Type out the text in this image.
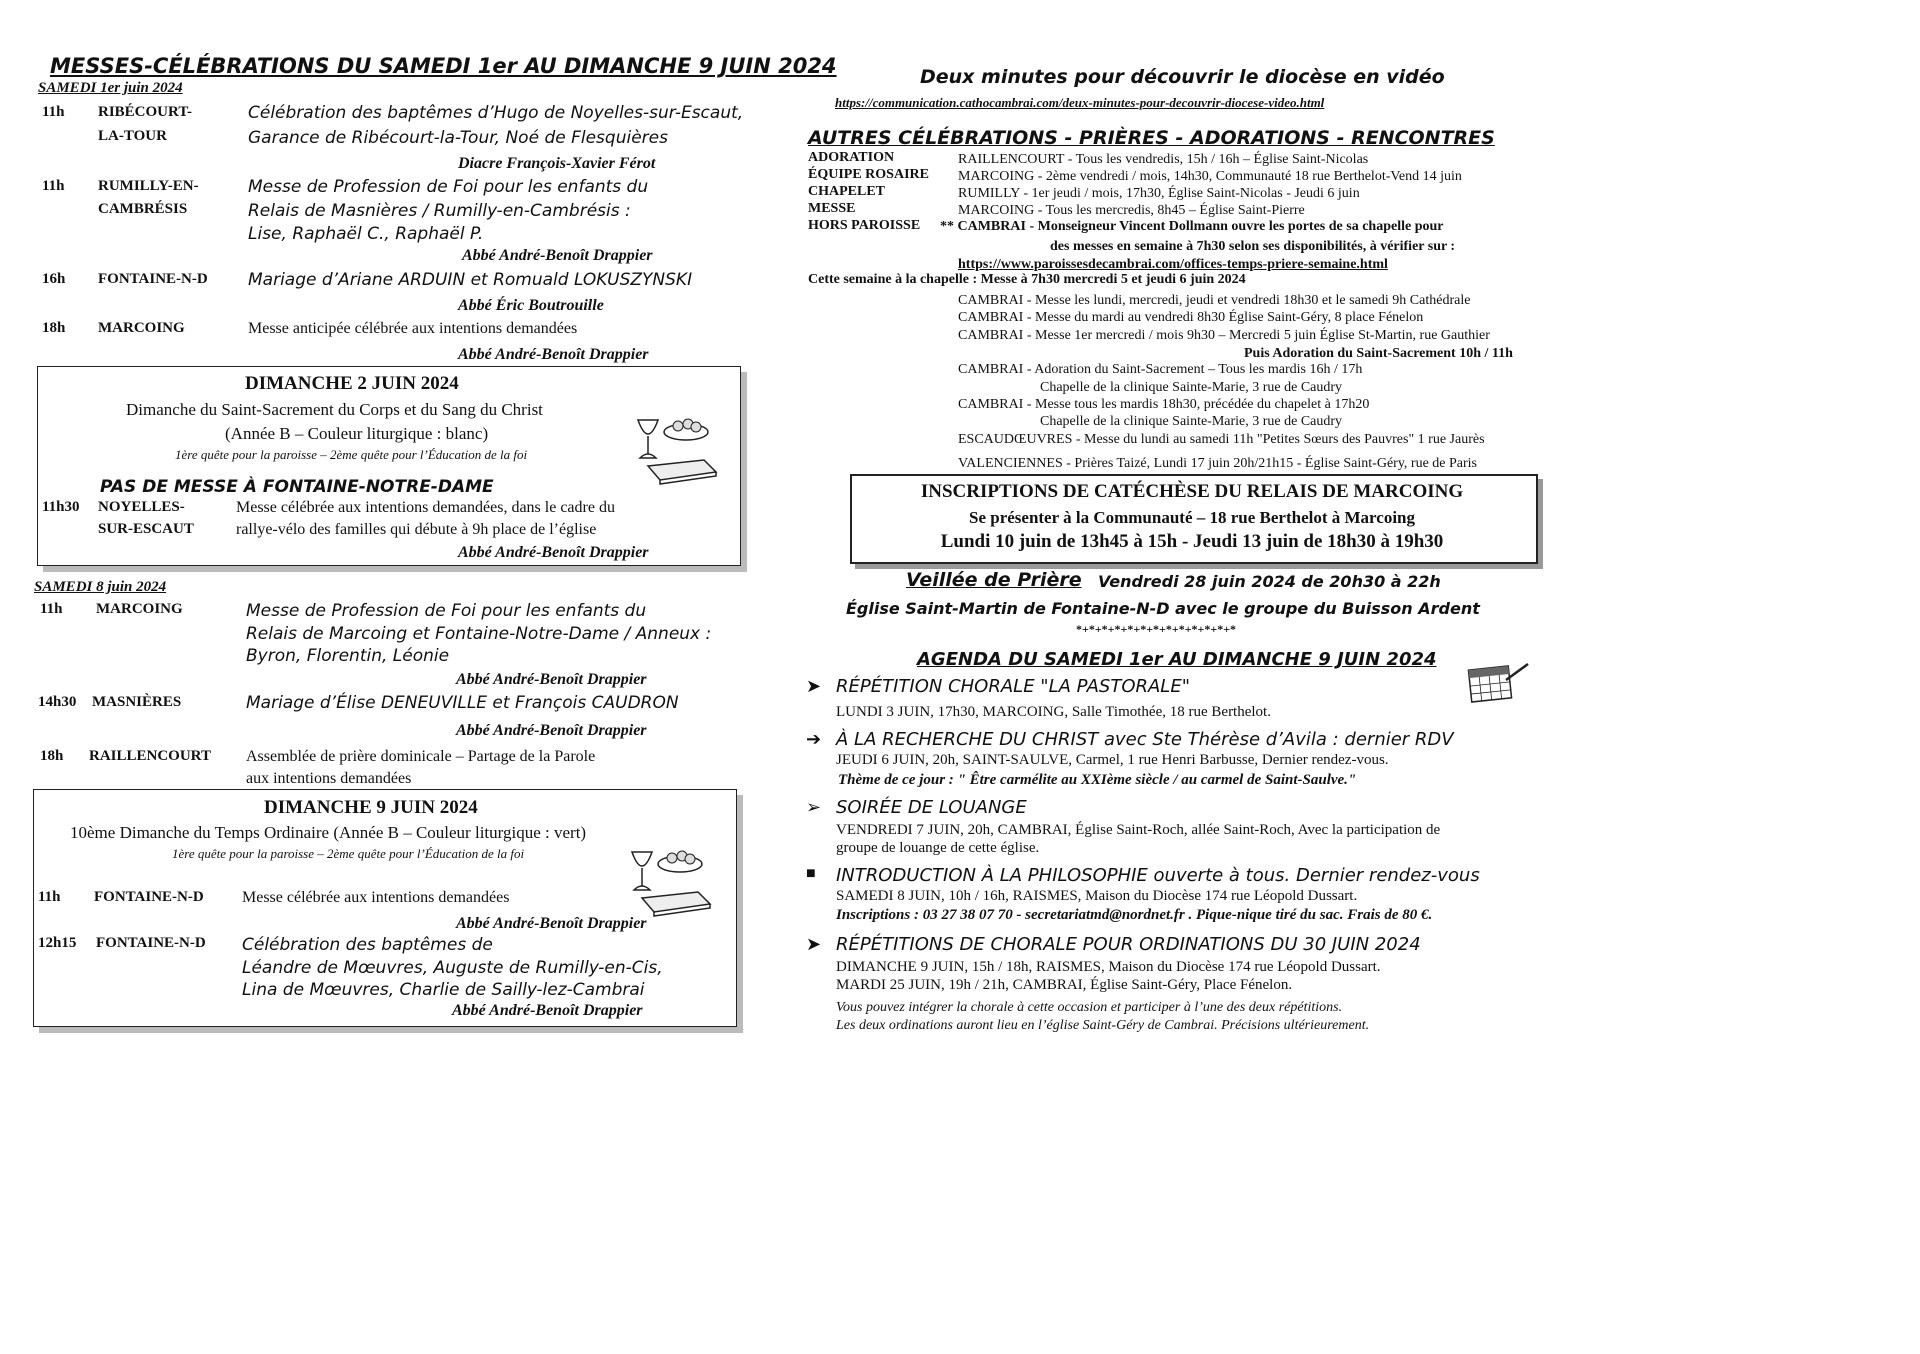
MESSES-CÉLÉBRATIONS DU SAMEDI 1er AU DIMANCHE 9 JUIN 2024
SAMEDI 1er juin 2024
11h RIBÉCOURT-
LA-TOUR
Célébration des baptêmes d’Hugo de Noyelles-sur-Escaut,
Garance de Ribécourt-la-Tour, Noé de Flesquières
Diacre François-Xavier Férot
11h RUMILLY-EN-
CAMBRÉSIS
Messe de Profession de Foi pour les enfants du
Relais de Masnières / Rumilly-en-Cambrésis :
Lise, Raphaël C., Raphaël P.
Abbé André-Benoît Drappier
16h FONTAINE-N-D Mariage d’Ariane ARDUIN et Romuald LOKUSZYNSKI
Abbé Éric Boutrouille
18h MARCOING	Messe anticipée célébrée aux intentions demandées
Abbé André-Benoît Drappier
DIMANCHE 2 JUIN 2024
Dimanche du Saint-Sacrement du Corps et du Sang du Christ
(Année B – Couleur liturgique : blanc)
1ère quête pour la paroisse – 2ème quête pour l’Éducation de la foi
PAS DE MESSE À FONTAINE-NOTRE-DAME
11h30 NOYELLES-
SUR-ESCAUT
Messe célébrée aux intentions demandées, dans le cadre du
rallye-vélo des familles qui débute à 9h place de l’église
Abbé André-Benoît Drappier
SAMEDI 8 juin 2024
11h MARCOING	Messe de Profession de Foi pour les enfants du
Relais de Marcoing et Fontaine-Notre-Dame / Anneux :
Byron, Florentin, Léonie
Abbé André-Benoît Drappier
14h30 MASNIÈRES	Mariage d’Élise DENEUVILLE et François CAUDRON
Abbé André-Benoît Drappier
18h RAILLENCOURT Assemblée de prière dominicale – Partage de la Parole
aux intentions demandées
DIMANCHE 9 JUIN 2024
10ème Dimanche du Temps Ordinaire (Année B – Couleur liturgique : vert)
1ère quête pour la paroisse – 2ème quête pour l’Éducation de la foi
11h FONTAINE-N-D Messe célébrée aux intentions demandées
Abbé André-Benoît Drappier
12h15 FONTAINE-N-D Célébration des baptêmes de
Léandre de Mœuvres, Auguste de Rumilly-en-Cis,
Lina de Mœuvres, Charlie de Sailly-lez-Cambrai
Abbé André-Benoît Drappier
Deux minutes pour découvrir le diocèse en vidéo
https://communication.cathocambrai.com/deux-minutes-pour-decouvrir-diocese-video.html
AUTRES CÉLÉBRATIONS - PRIÈRES - ADORATIONS - RENCONTRES
ADORATION	RAILLENCOURT - Tous les vendredis, 15h / 16h – Église Saint-Nicolas
ÉQUIPE ROSAIRE MARCOING - 2ème vendredi / mois, 14h30, Communauté 18 rue Berthelot-Vend 14 juin
CHAPELET	RUMILLY - 1er jeudi / mois, 17h30, Église Saint-Nicolas - Jeudi 6 juin
MESSE	MARCOING - Tous les mercredis, 8h45 – Église Saint-Pierre
HORS PAROISSE ** CAMBRAI - Monseigneur Vincent Dollmann ouvre les portes de sa chapelle pour
des messes en semaine à 7h30 selon ses disponibilités, à vérifier sur :
https://www.paroissesdecambrai.com/offices-temps-priere-semaine.html
Cette semaine à la chapelle : Messe à 7h30 mercredi 5 et jeudi 6 juin 2024
CAMBRAI - Messe les lundi, mercredi, jeudi et vendredi 18h30 et le samedi 9h Cathédrale
CAMBRAI - Messe du mardi au vendredi 8h30 Église Saint-Géry, 8 place Fénelon
CAMBRAI - Messe 1er mercredi / mois 9h30 – Mercredi 5 juin Église St-Martin, rue Gauthier
Puis Adoration du Saint-Sacrement 10h / 11h
CAMBRAI - Adoration du Saint-Sacrement – Tous les mardis 16h / 17h
Chapelle de la clinique Sainte-Marie, 3 rue de Caudry
CAMBRAI - Messe tous les mardis 18h30, précédée du chapelet à 17h20
Chapelle de la clinique Sainte-Marie, 3 rue de Caudry
ESCAUDŒUVRES - Messe du lundi au samedi 11h "Petites Sœurs des Pauvres" 1 rue Jaurès
VALENCIENNES - Prières Taizé, Lundi 17 juin 20h/21h15 - Église Saint-Géry, rue de Paris
INSCRIPTIONS DE CATÉCHÈSE DU RELAIS DE MARCOING
Se présenter à la Communauté – 18 rue Berthelot à Marcoing
Lundi 10 juin de 13h45 à 15h - Jeudi 13 juin de 18h30 à 19h30
Veillée de Prière Vendredi 28 juin 2024 de 20h30 à 22h
Église Saint-Martin de Fontaine-N-D avec le groupe du Buisson Ardent
*+*+*+*+*+*+*+*+*+*+*+*+*
AGENDA DU SAMEDI 1er AU DIMANCHE 9 JUIN 2024
➤ RÉPÉTITION CHORALE "LA PASTORALE"
LUNDI 3 JUIN, 17h30, MARCOING, Salle Timothée, 18 rue Berthelot.
➔ À LA RECHERCHE DU CHRIST avec Ste Thérèse d’Avila : dernier RDV
JEUDI 6 JUIN, 20h, SAINT-SAULVE, Carmel, 1 rue Henri Barbusse, Dernier rendez-vous.
Thème de ce jour : " Être carmélite au XXIème siècle / au carmel de Saint-Saulve."
➢ SOIRÉE DE LOUANGE
VENDREDI 7 JUIN, 20h, CAMBRAI, Église Saint-Roch, allée Saint-Roch, Avec la participation de
groupe de louange de cette église.
■ INTRODUCTION À LA PHILOSOPHIE ouverte à tous. Dernier rendez-vous
SAMEDI 8 JUIN, 10h / 16h, RAISMES, Maison du Diocèse 174 rue Léopold Dussart.
Inscriptions : 03 27 38 07 70 - secretariatmd@nordnet.fr . Pique-nique tiré du sac. Frais de 80 €.
➤ RÉPÉTITIONS DE CHORALE POUR ORDINATIONS DU 30 JUIN 2024
DIMANCHE 9 JUIN, 15h / 18h, RAISMES, Maison du Diocèse 174 rue Léopold Dussart.
MARDI 25 JUIN, 19h / 21h, CAMBRAI, Église Saint-Géry, Place Fénelon.
Vous pouvez intégrer la chorale à cette occasion et participer à l’une des deux répétitions.
Les deux ordinations auront lieu en l’église Saint-Géry de Cambrai. Précisions ultérieurement.
